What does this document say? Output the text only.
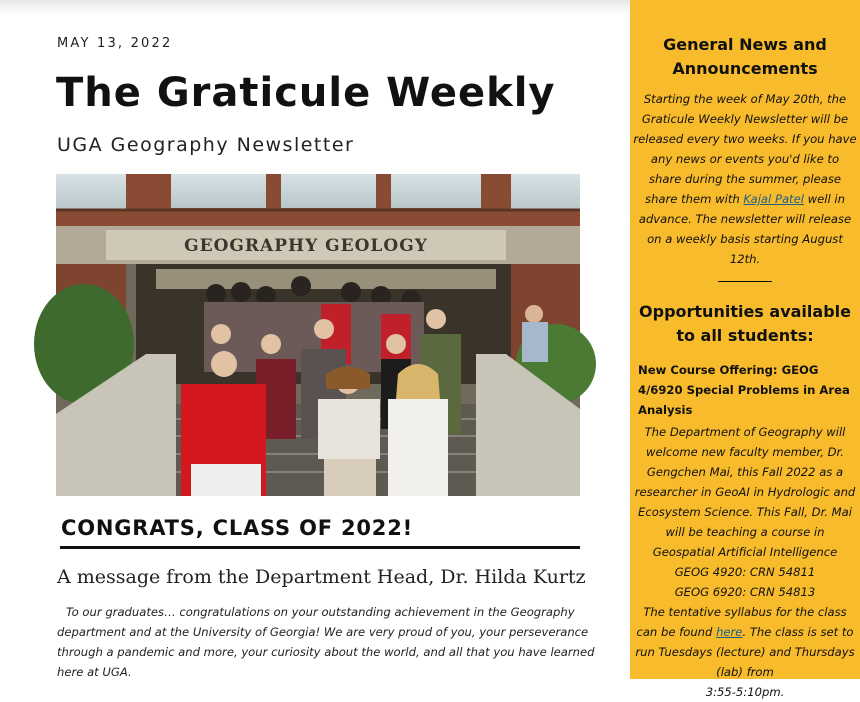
MAY 13, 2022
The Graticule Weekly
UGA Geography Newsletter
GEOGRAPHY GEOLOGY
CONGRATS, CLASS OF 2022!
A message from the Department Head, Dr. Hilda Kurtz
To our graduates… congratulations on your outstanding achievement in the Geography department and at the University of Georgia! We are very proud of you, your perseverance through a pandemic and more, your curiosity about the world, and all that you have learned here at UGA.
General News and Announcements
Starting the week of May 20th, the Graticule Weekly Newsletter will be released every two weeks. If you have any news or events you'd like to share during the summer, please share them with Kajal Patel well in advance. The newsletter will release on a weekly basis starting August 12th.
Opportunities available to all students:
New Course Offering: GEOG 4/6920 Special Problems in Area Analysis
The Department of Geography will welcome new faculty member, Dr. Gengchen Mai, this Fall 2022 as a researcher in GeoAI in Hydrologic and Ecosystem Science. This Fall, Dr. Mai will be teaching a course in Geospatial Artificial Intelligence
GEOG 4920: CRN 54811
GEOG 6920: CRN 54813
The tentative syllabus for the class can be found here. The class is set to run Tuesdays (lecture) and Thursdays (lab) from
3:55-5:10pm.
